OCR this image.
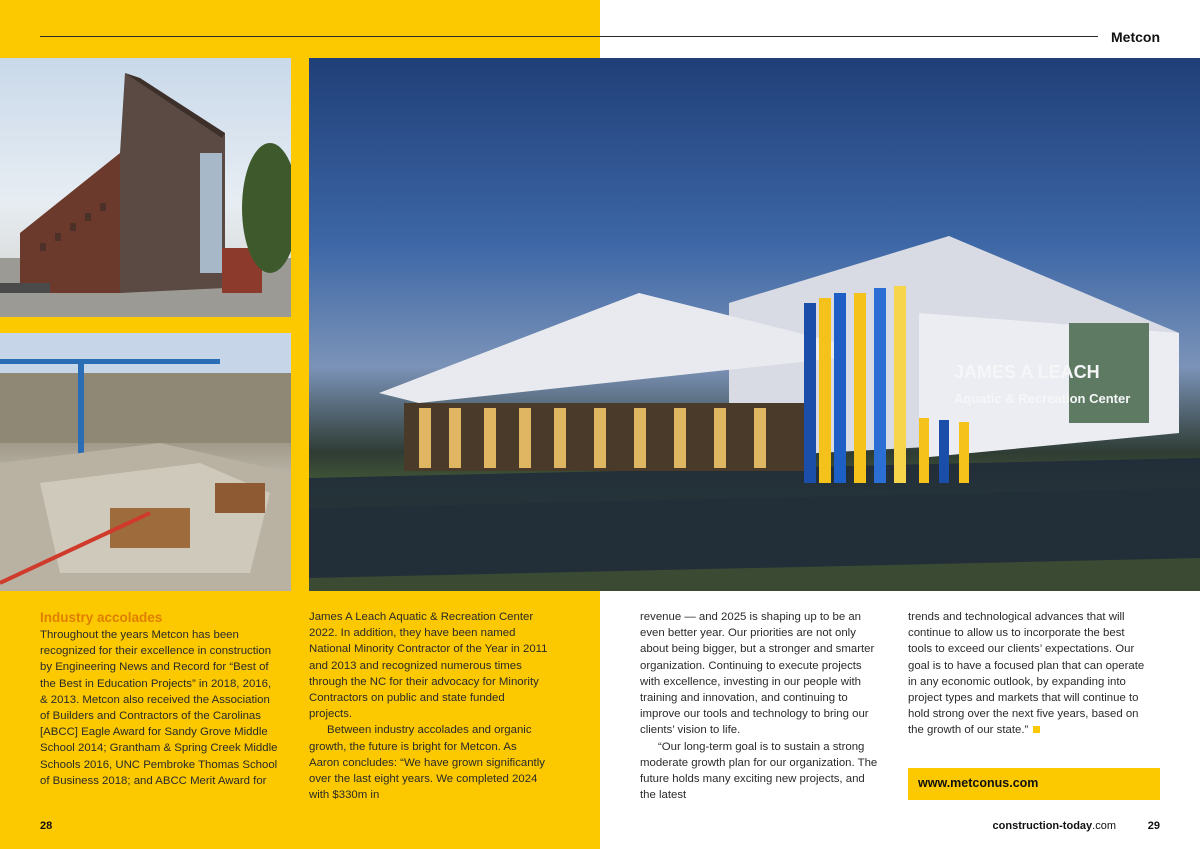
Metcon
JAMES A LEACH
Aquatic & Recreation Center
Industry accolades

Throughout the years Metcon has been recognized for their excellence in construction by Engineering News and Record for “Best of the Best in Education Projects” in 2018, 2016, & 2013. Metcon also received the Association of Builders and Contractors of the Carolinas [ABCC] Eagle Award for Sandy Grove Middle School 2014; Grantham & Spring Creek Middle Schools 2016, UNC Pembroke Thomas School of Business 2018; and ABCC Merit Award for

James A Leach Aquatic & Recreation Center 2022. In addition, they have been named National Minority Contractor of the Year in 2011 and 2013 and recognized numerous times through the NC for their advocacy for Minority Contractors on public and state funded projects.

Between industry accolades and organic growth, the future is bright for Metcon. As Aaron concludes: “We have grown significantly over the last eight years. We completed 2024 with $330m in

revenue — and 2025 is shaping up to be an even better year. Our priorities are not only about being bigger, but a stronger and smarter organization. Continuing to execute projects with excellence, investing in our people with training and innovation, and continuing to improve our tools and technology to bring our clients’ vision to life.

“Our long-term goal is to sustain a strong moderate growth plan for our organization. The future holds many exciting new projects, and the latest

trends and technological advances that will continue to allow us to incorporate the best tools to exceed our clients’ expectations. Our goal is to have a focused plan that can operate in any economic outlook, by expanding into project types and markets that will continue to hold strong over the next five years, based on the growth of our state.”

www.metconus.com
28	construction-today.com	29
